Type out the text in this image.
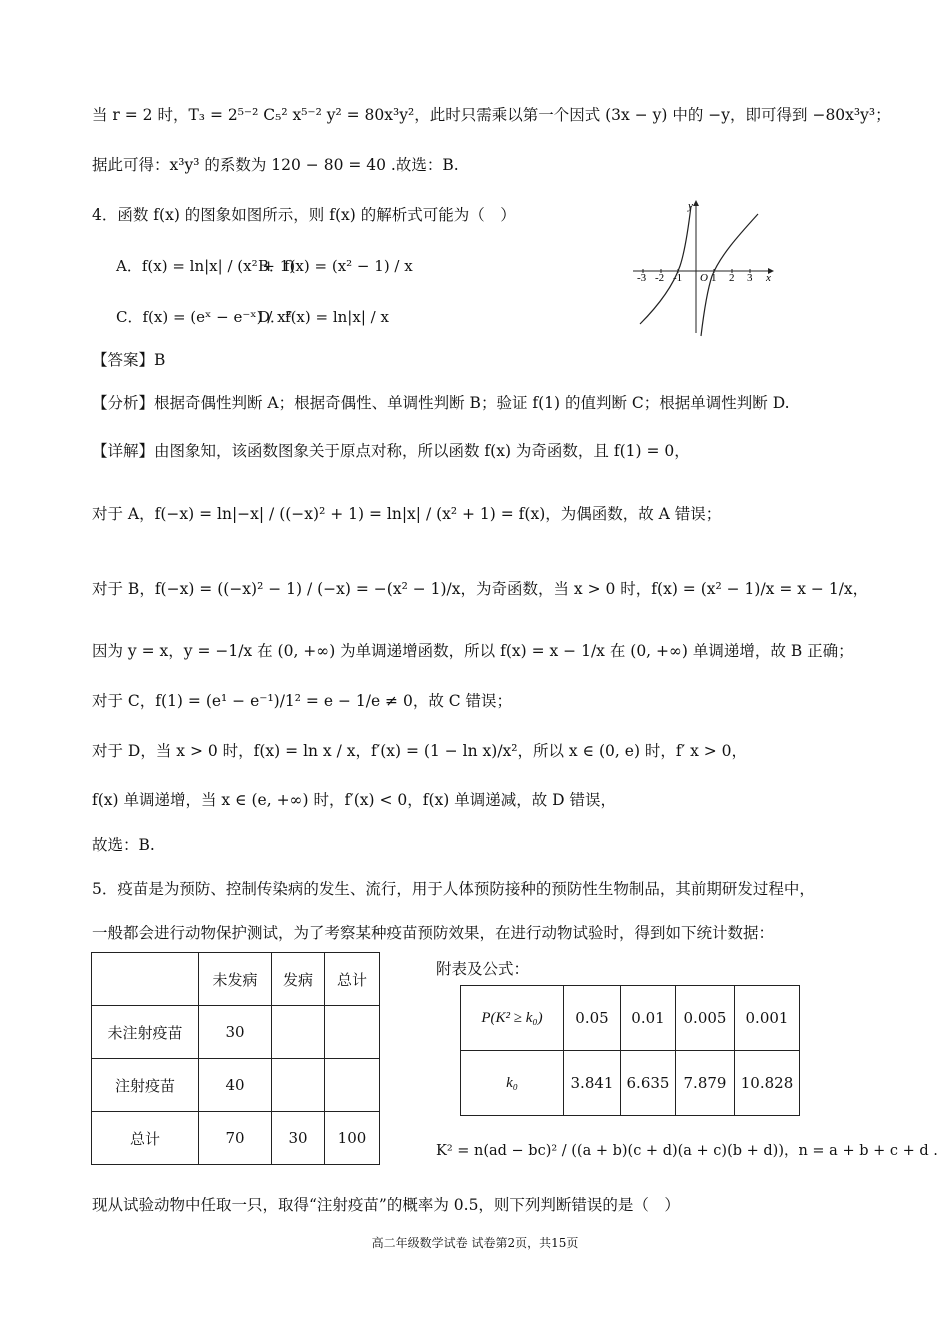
当 r = 2 时，T₃ = 2⁵⁻² C₅² x⁵⁻² y² = 80x³y²，此时只需乘以第一个因式 (3x − y) 中的 −y，即可得到 −80x³y³；
据此可得：x³y³ 的系数为 120 − 80 = 40 .故选：B.
4．函数 f(x) 的图象如图所示，则 f(x) 的解析式可能为（　）
A．f(x) = ln|x| / (x² + 1)
B．f(x) = (x² − 1) / x
C．f(x) = (eˣ − e⁻ˣ) / x²
D．f(x) = ln|x| / x
-3 -2 -1 O 1 2 3 x
y
【答案】B
【分析】根据奇偶性判断 A；根据奇偶性、单调性判断 B；验证 f(1) 的值判断 C；根据单调性判断 D.
【详解】由图象知，该函数图象关于原点对称，所以函数 f(x) 为奇函数，且 f(1) = 0，
对于 A，f(−x) = ln|−x| / ((−x)² + 1) = ln|x| / (x² + 1) = f(x)，为偶函数，故 A 错误；
对于 B，f(−x) = ((−x)² − 1) / (−x) = −(x² − 1)/x，为奇函数，当 x > 0 时，f(x) = (x² − 1)/x = x − 1/x，
因为 y = x，y = −1/x 在 (0, +∞) 为单调递增函数，所以 f(x) = x − 1/x 在 (0, +∞) 单调递增，故 B 正确；
对于 C，f(1) = (e¹ − e⁻¹)/1² = e − 1/e ≠ 0，故 C 错误；
对于 D，当 x > 0 时，f(x) = ln x / x，f′(x) = (1 − ln x)/x²，所以 x ∈ (0, e) 时，f′ x > 0，
f(x) 单调递增，当 x ∈ (e, +∞) 时，f′(x) < 0，f(x) 单调递减，故 D 错误，
故选：B.
5．疫苗是为预防、控制传染病的发生、流行，用于人体预防接种的预防性生物制品，其前期研发过程中，
一般都会进行动物保护测试，为了考察某种疫苗预防效果，在进行动物试验时，得到如下统计数据：
	未发病	发病	总计
未注射疫苗	30		
注射疫苗	40		
总计	70	30	100
附表及公式：
P(K² ≥ k₀)	0.05	0.01	0.005	0.001
k₀	3.841	6.635	7.879	10.828
K² = n(ad − bc)² / ((a + b)(c + d)(a + c)(b + d))，n = a + b + c + d .
现从试验动物中任取一只，取得“注射疫苗”的概率为 0.5，则下列判断错误的是（　）
高二年级数学试卷 试卷第2页，共15页
